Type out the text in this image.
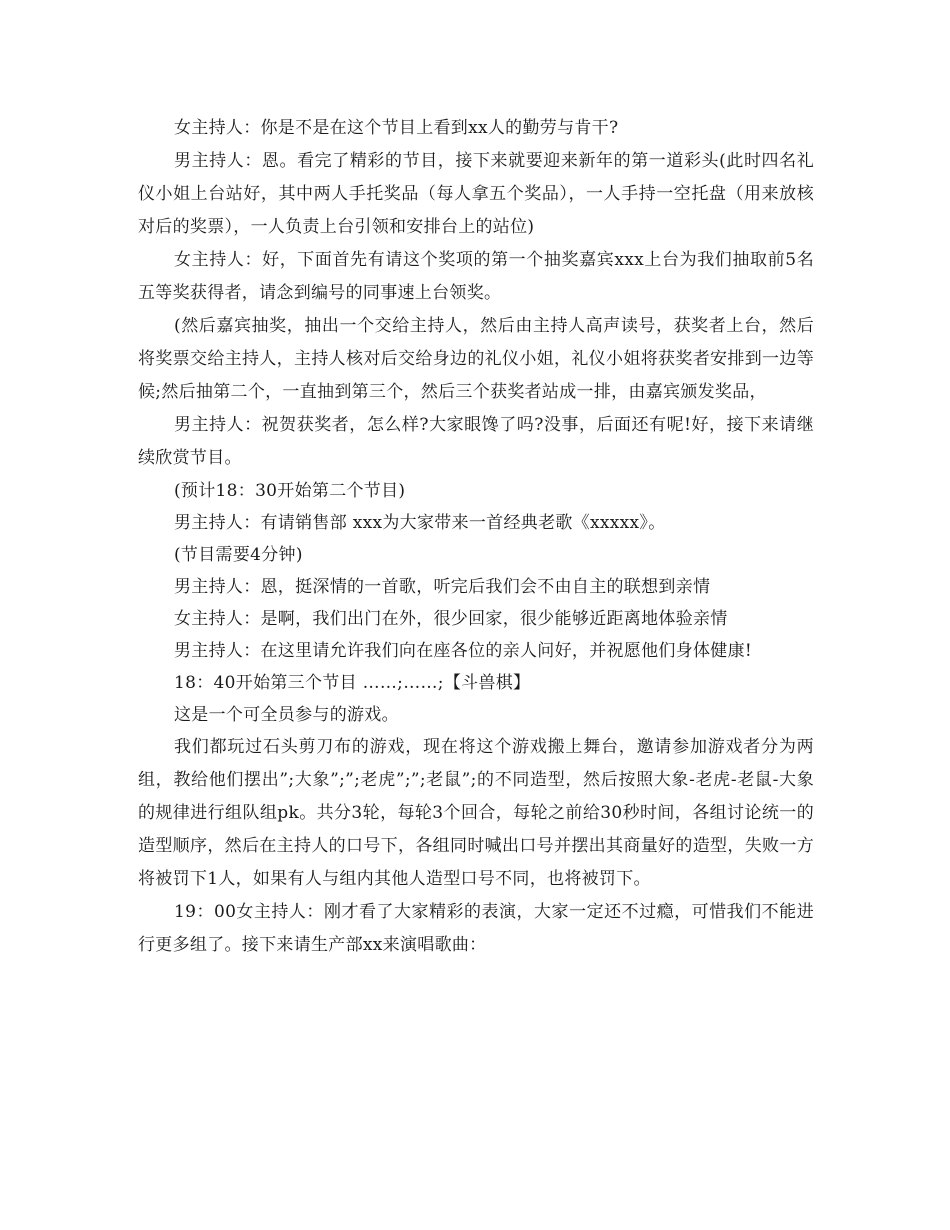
女主持人：你是不是在这个节目上看到xx人的勤劳与肯干?

男主持人：恩。看完了精彩的节目，接下来就要迎来新年的第一道彩头(此时四名礼仪小姐上台站好，其中两人手托奖品（每人拿五个奖品），一人手持一空托盘（用来放核对后的奖票），一人负责上台引领和安排台上的站位)

女主持人：好，下面首先有请这个奖项的第一个抽奖嘉宾xxx上台为我们抽取前5名五等奖获得者，请念到编号的同事速上台领奖。

(然后嘉宾抽奖，抽出一个交给主持人，然后由主持人高声读号，获奖者上台，然后将奖票交给主持人，主持人核对后交给身边的礼仪小姐，礼仪小姐将获奖者安排到一边等候;然后抽第二个，一直抽到第三个，然后三个获奖者站成一排，由嘉宾颁发奖品，

男主持人：祝贺获奖者，怎么样?大家眼馋了吗?没事，后面还有呢!好，接下来请继续欣赏节目。

(预计18：30开始第二个节目)

男主持人：有请销售部 xxx为大家带来一首经典老歌《xxxxx》。

(节目需要4分钟)

男主持人：恩，挺深情的一首歌，听完后我们会不由自主的联想到亲情

女主持人：是啊，我们出门在外，很少回家，很少能够近距离地体验亲情

男主持人：在这里请允许我们向在座各位的亲人问好，并祝愿他们身体健康!

18：40开始第三个节目 ……;……;【斗兽棋】

这是一个可全员参与的游戏。

我们都玩过石头剪刀布的游戏，现在将这个游戏搬上舞台，邀请参加游戏者分为两组，教给他们摆出”;大象”;”;老虎”;”;老鼠”;的不同造型，然后按照大象-老虎-老鼠-大象的规律进行组队组pk。共分3轮，每轮3个回合，每轮之前给30秒时间，各组讨论统一的造型顺序，然后在主持人的口号下，各组同时喊出口号并摆出其商量好的造型，失败一方将被罚下1人，如果有人与组内其他人造型口号不同，也将被罚下。

19：00女主持人：刚才看了大家精彩的表演，大家一定还不过瘾，可惜我们不能进行更多组了。接下来请生产部xx来演唱歌曲：
